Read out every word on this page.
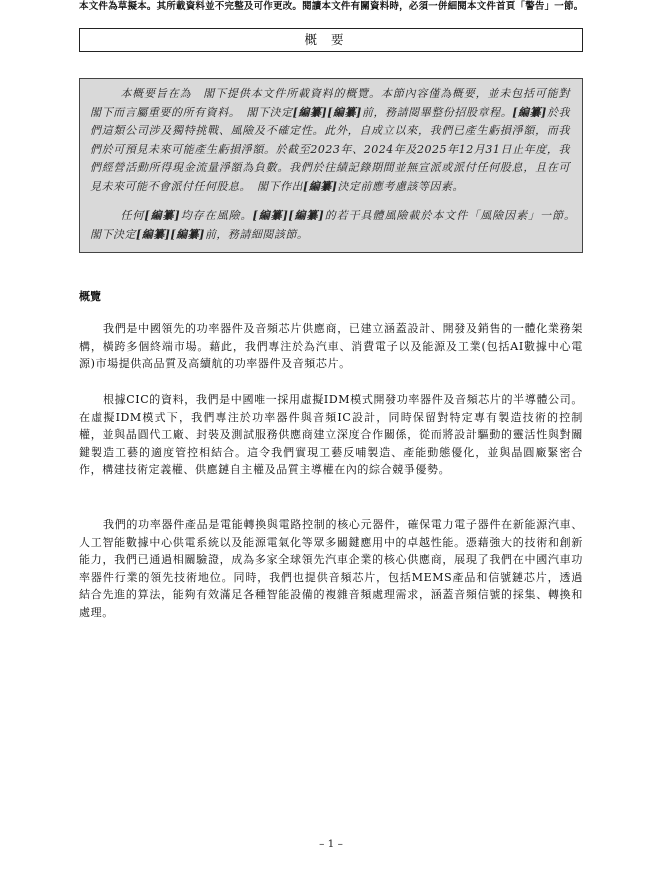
本文件為草擬本。其所載資料並不完整及可作更改。閱讀本文件有關資料時，必須一併細閱本文件首頁「警告」一節。
概要

本概要旨在為　閣下提供本文件所載資料的概覽。本節內容僅為概要，並未包括可能對　閣下而言屬重要的所有資料。　閣下決定[編纂][編纂]前，務請閱畢整份招股章程。[編纂]於我們這類公司涉及獨特挑戰、風險及不確定性。此外，自成立以來，我們已產生虧損淨額，而我們於可預見未來可能產生虧損淨額。於截至2023年、2024年及2025年12月31日止年度，我們經營活動所得現金流量淨額為負數。我們於往績記錄期間並無宣派或派付任何股息，且在可見未來可能不會派付任何股息。　閣下作出[編纂]決定前應考慮該等因素。

任何[編纂]均存在風險。[編纂][編纂]的若干具體風險載於本文件「風險因素」一節。　閣下決定[編纂][編纂]前，務請細閱該節。

概覽

我們是中國領先的功率器件及音頻芯片供應商，已建立涵蓋設計、開發及銷售的一體化業務架構，橫跨多個終端市場。藉此，我們專注於為汽車、消費電子以及能源及工業(包括AI數據中心電源)市場提供高品質及高續航的功率器件及音頻芯片。

根據CIC的資料，我們是中國唯一採用虛擬IDM模式開發功率器件及音頻芯片的半導體公司。在虛擬IDM模式下，我們專注於功率器件與音頻IC設計，同時保留對特定專有製造技術的控制權，並與晶圓代工廠、封裝及測試服務供應商建立深度合作關係，從而將設計驅動的靈活性與對關鍵製造工藝的適度管控相結合。這令我們實現工藝反哺製造、產能動態優化，並與晶圓廠緊密合作，構建技術定義權、供應鏈自主權及品質主導權在內的綜合競爭優勢。

我們的功率器件產品是電能轉換與電路控制的核心元器件，確保電力電子器件在新能源汽車、人工智能數據中心供電系統以及能源電氣化等眾多關鍵應用中的卓越性能。憑藉強大的技術和創新能力，我們已通過相關驗證，成為多家全球領先汽車企業的核心供應商，展現了我們在中國汽車功率器件行業的領先技術地位。同時，我們也提供音頻芯片，包括MEMS產品和信號鏈芯片，透過結合先進的算法，能夠有效滿足各種智能設備的複雜音頻處理需求，涵蓋音頻信號的採集、轉換和處理。

– 1 –
